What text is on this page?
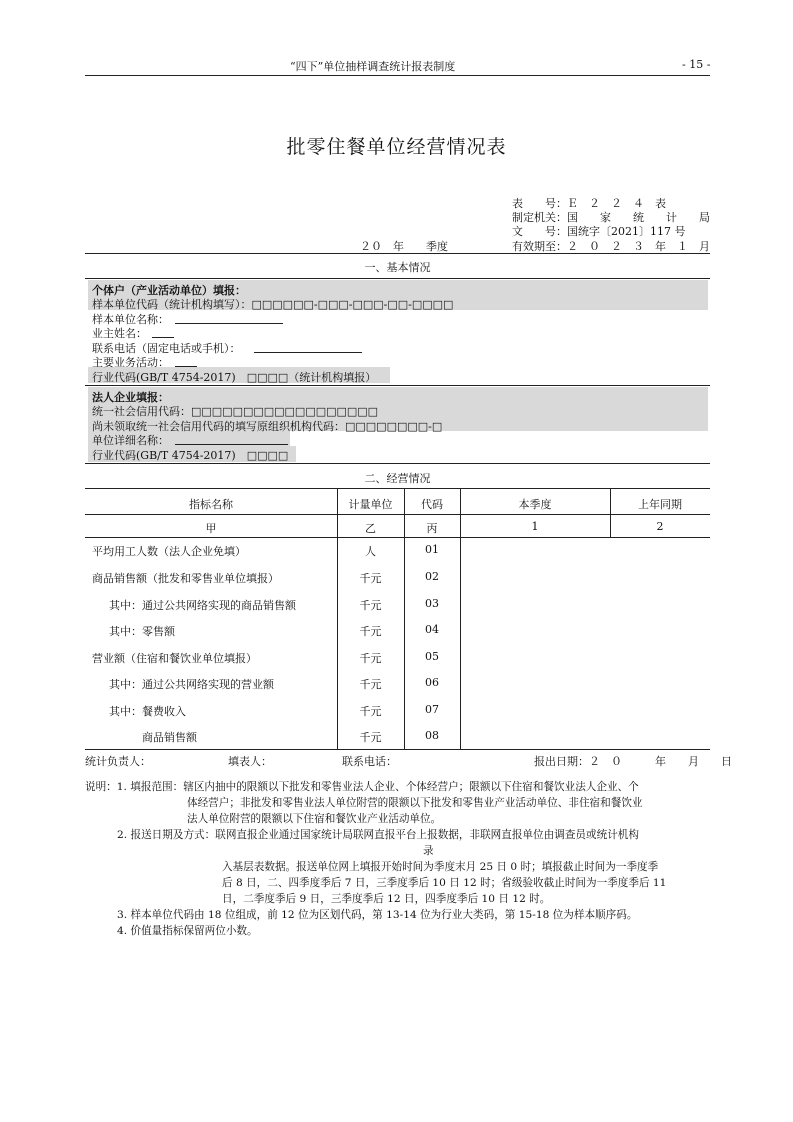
“四下”单位抽样调查统计报表制度	- 15 -
批零住餐单位经营情况表
表　　号：Ｅ　２　２　４　表
制定机关：国　　家　　统　　计　　局
文　　号：国统字〔2021〕117 号
有效期至：２　０　２　３　年　１　月
２０　年　　季度
一、基本情况
个体户（产业活动单位）填报：
样本单位代码（统计机构填写）：□□□□□□-□□□-□□□-□□-□□□□
样本单位名称：
业主姓名：
联系电话（固定电话或手机）：
主要业务活动：
行业代码(GB/T 4754-2017)　□□□□（统计机构填报）
法人企业填报：
统一社会信用代码：□□□□□□□□□□□□□□□□□□
尚未领取统一社会信用代码的填写原组织机构代码：□□□□□□□□-□
单位详细名称：
行业代码(GB/T 4754-2017)　□□□□
二、经营情况
指标名称	计量单位	代码	本季度	上年同期
甲	乙	丙	1	2
平均用工人数（法人企业免填）	人	01
商品销售额（批发和零售业单位填报）	千元	02
　其中：通过公共网络实现的商品销售额	千元	03
　其中：零售额	千元	04
营业额（住宿和餐饮业单位填报）	千元	05
　其中：通过公共网络实现的营业额	千元	06
　其中：餐费收入	千元	07
　　　　商品销售额	千元	08
统计负责人：	填表人：	联系电话：	报出日期：２　０　　　年　　月　　日
说明：1. 填报范围：辖区内抽中的限额以下批发和零售业法人企业、个体经营户；限额以下住宿和餐饮业法人企业、个
体经营户；非批发和零售业法人单位附营的限额以下批发和零售业产业活动单位、非住宿和餐饮业
法人单位附营的限额以下住宿和餐饮业产业活动单位。
2. 报送日期及方式：联网直报企业通过国家统计局联网直报平台上报数据，非联网直报单位由调查员或统计机构
录
入基层表数据。报送单位网上填报开始时间为季度末月 25 日 0 时；填报截止时间为一季度季
后 8 日，二、四季度季后 7 日，三季度季后 10 日 12 时；省级验收截止时间为一季度季后 11
日，二季度季后 9 日，三季度季后 12 日，四季度季后 10 日 12 时。
3. 样本单位代码由 18 位组成，前 12 位为区划代码，第 13-14 位为行业大类码，第 15-18 位为样本顺序码。
4. 价值量指标保留两位小数。
